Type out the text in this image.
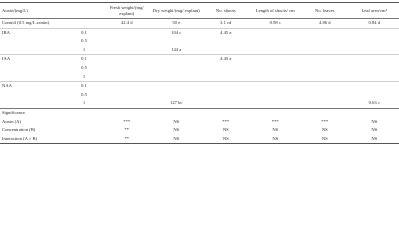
Auxin/(mg/L)		Fresh weight/(mg/ explant)	Dry weight/(mg/ explant)	No. shoots	Length of shoots/ cm	No. leaves	Leaf area/cm²
Control (0.5 mg/L zeatin)		42.4 d	50 e	3.1 cd	0.98 c	4.86 d	0.84 d
IBA	0.1		104 c	4.45 a			
	0.5						
	1		144 a				
IAA	0.1			4.45 a			
	0.5						
	1						
NAA	0.1						
	0.5						
	1		127 bc				0.63 c
Significance							
Auxin (A)		***	NS	***	***	***	NS
Concentration (B)		**	NS	NS	NS	NS	NS
Interaction (A × B)		**	NS	NS	NS	NS	NS
